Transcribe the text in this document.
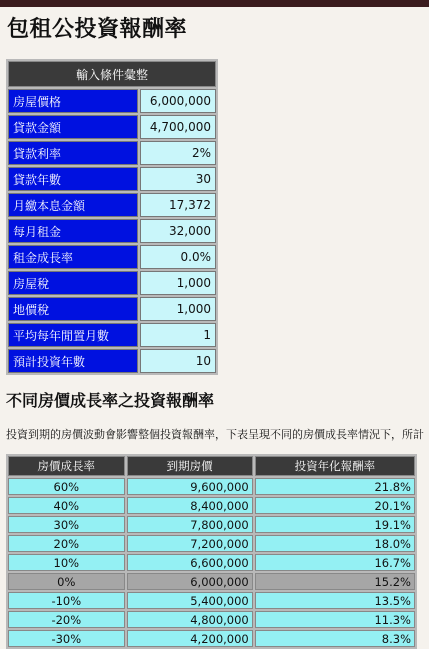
包租公投資報酬率
輸入條件彙整	
房屋價格	6,000,000
貸款金額	4,700,000
貸款利率	2%
貸款年數	30
月繳本息金額	17,372
每月租金	32,000
租金成長率	0.0%
房屋稅	1,000
地價稅	1,000
平均每年閒置月數	1
預計投資年數	10
不同房價成長率之投資報酬率
投資到期的房價波動會影響整個投資報酬率，下表呈現不同的房價成長率情況下，所計
房價成長率	到期房價	投資年化報酬率
60%	9,600,000	21.8%
40%	8,400,000	20.1%
30%	7,800,000	19.1%
20%	7,200,000	18.0%
10%	6,600,000	16.7%
0%	6,000,000	15.2%
-10%	5,400,000	13.5%
-20%	4,800,000	11.3%
-30%	4,200,000	8.3%
